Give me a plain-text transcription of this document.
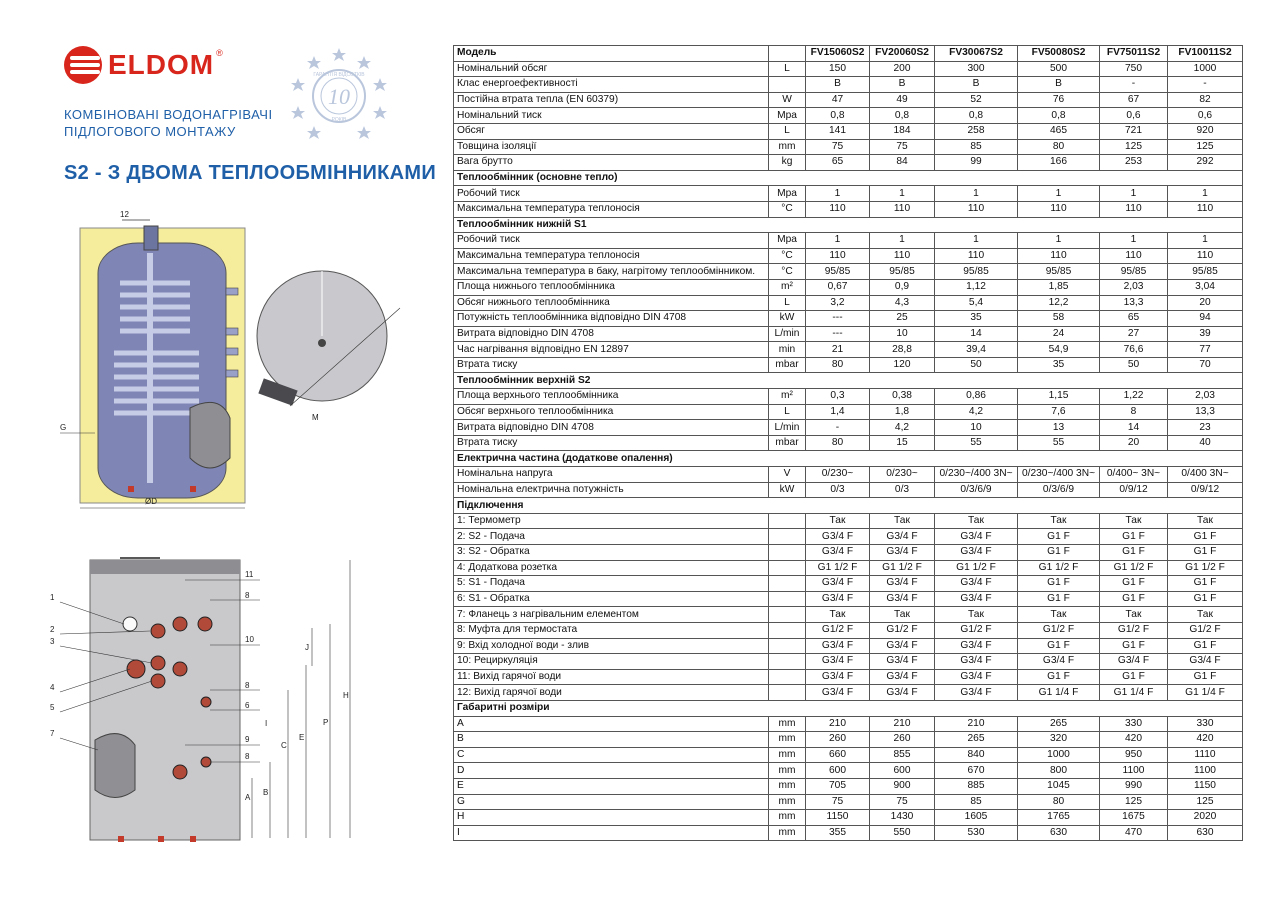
ELDOM ®
10
ГАРАНТІЯ ВІДСОТКІВ
РОКІВ
КОМБІНОВАНІ ВОДОНАГРІВАЧІ
ПІДЛОГОВОГО МОНТАЖУ
S2 - З ДВОМА ТЕПЛООБМІННИКАМИ
12
G
ØD
M
1
2
3
4
5
7
11
8
10
8
6
9
8
A
B
C
I
E
J
P
H
Модель		FV15060S2	FV20060S2	FV30067S2	FV50080S2	FV75011S2	FV10011S2
Номінальний обсяг	L	150	200	300	500	750	1000
Клас енергоефективності		B	B	B	B	-	-
Постійна втрата тепла (EN 60379)	W	47	49	52	76	67	82
Номінальний тиск	Mpa	0,8	0,8	0,8	0,8	0,6	0,6
Обсяг	L	141	184	258	465	721	920
Товщина ізоляції	mm	75	75	85	80	125	125
Вага брутто	kg	65	84	99	166	253	292
Теплообмінник (основне тепло)							
Робочий тиск	Mpa	1	1	1	1	1	1
Максимальна температура теплоносія	°C	110	110	110	110	110	110
Теплообмінник нижній S1							
Робочий тиск	Mpa	1	1	1	1	1	1
Максимальна температура теплоносія	°C	110	110	110	110	110	110
Максимальна температура в баку, нагрітому теплообмінником.	°C	95/85	95/85	95/85	95/85	95/85	95/85
Площа нижнього теплообмінника	m²	0,67	0,9	1,12	1,85	2,03	3,04
Обсяг нижнього теплообмінника	L	3,2	4,3	5,4	12,2	13,3	20
Потужність теплообмінника відповідно DIN 4708	kW	---	25	35	58	65	94
Витрата відповідно DIN 4708	L/min	---	10	14	24	27	39
Час нагрівання відповідно EN 12897	min	21	28,8	39,4	54,9	76,6	77
Втрата тиску	mbar	80	120	50	35	50	70
Теплообмінник верхній S2							
Площа верхнього теплообмінника	m²	0,3	0,38	0,86	1,15	1,22	2,03
Обсяг верхнього теплообмінника	L	1,4	1,8	4,2	7,6	8	13,3
Витрата відповідно DIN 4708	L/min	-	4,2	10	13	14	23
Втрата тиску	mbar	80	15	55	55	20	40
Електрична частина (додаткове опалення)							
Номінальна напруга	V	0/230~	0/230~	0/230~/400 3N~	0/230~/400 3N~	0/400~ 3N~	0/400 3N~
Номінальна електрична потужність	kW	0/3	0/3	0/3/6/9	0/3/6/9	0/9/12	0/9/12
Підключення							
1: Термометр		Так	Так	Так	Так	Так	Так
2: S2 - Подача		G3/4 F	G3/4 F	G3/4 F	G1 F	G1 F	G1 F
3: S2 - Обратка		G3/4 F	G3/4 F	G3/4 F	G1 F	G1 F	G1 F
4: Додаткова розетка		G1 1/2 F	G1 1/2 F	G1 1/2 F	G1 1/2 F	G1 1/2 F	G1 1/2 F
5: S1 - Подача		G3/4 F	G3/4 F	G3/4 F	G1 F	G1 F	G1 F
6: S1 - Обратка		G3/4 F	G3/4 F	G3/4 F	G1 F	G1 F	G1 F
7: Фланець з нагрівальним елементом		Так	Так	Так	Так	Так	Так
8: Муфта для термостата		G1/2 F	G1/2 F	G1/2 F	G1/2 F	G1/2 F	G1/2 F
9: Вхід холодної води - злив		G3/4 F	G3/4 F	G3/4 F	G1 F	G1 F	G1 F
10: Рециркуляція		G3/4 F	G3/4 F	G3/4 F	G3/4 F	G3/4 F	G3/4 F
11: Вихід гарячої води		G3/4 F	G3/4 F	G3/4 F	G1 F	G1 F	G1 F
12: Вихід гарячої води		G3/4 F	G3/4 F	G3/4 F	G1 1/4 F	G1 1/4 F	G1 1/4 F
Габаритні розміри							
A	mm	210	210	210	265	330	330
B	mm	260	260	265	320	420	420
C	mm	660	855	840	1000	950	1110
D	mm	600	600	670	800	1100	1100
E	mm	705	900	885	1045	990	1150
G	mm	75	75	85	80	125	125
H	mm	1150	1430	1605	1765	1675	2020
I	mm	355	550	530	630	470	630
